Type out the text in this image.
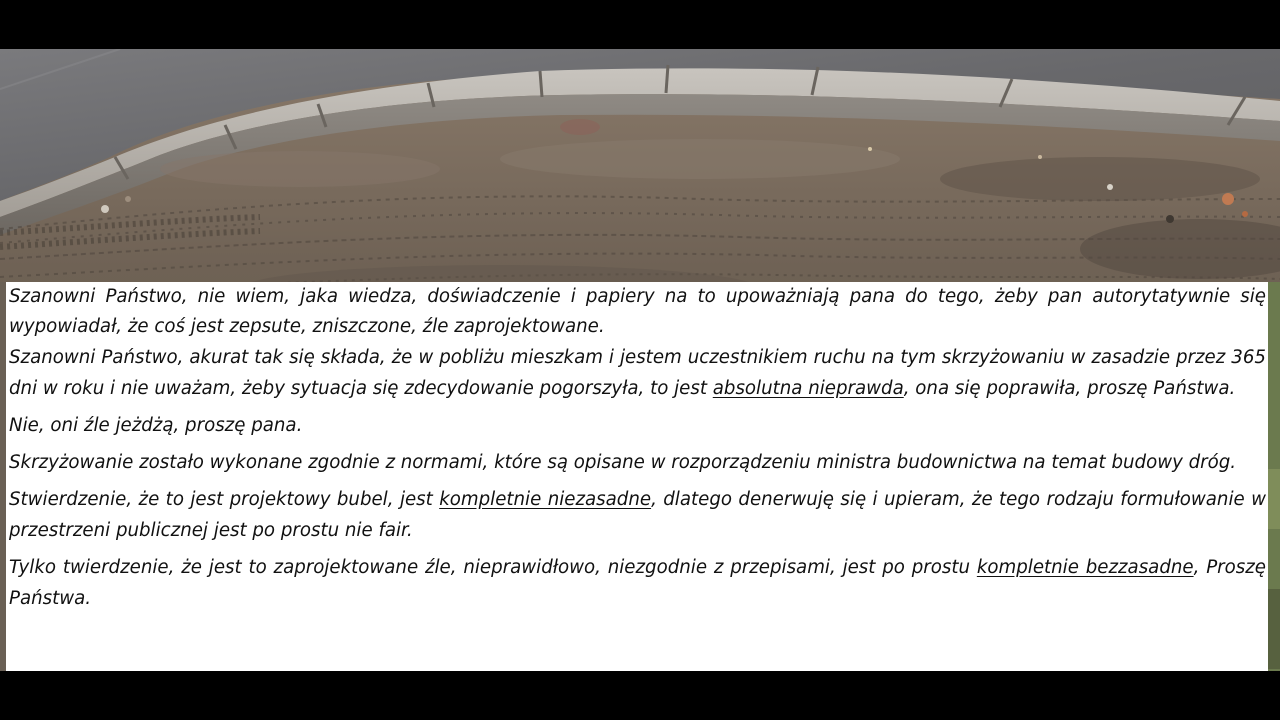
Szanowni Państwo, nie wiem, jaka wiedza, doświadczenie i papiery na to upoważniają pana do tego, żeby pan autorytatywnie się wypowiadał, że coś jest zepsute, zniszczone, źle zaprojektowane.

Szanowni Państwo, akurat tak się składa, że w pobliżu mieszkam i jestem uczestnikiem ruchu na tym skrzyżowaniu w zasadzie przez 365 dni w roku i nie uważam, żeby sytuacja się zdecydowanie pogorszyła, to jest absolutna nieprawda, ona się poprawiła, proszę Państwa.

Nie, oni źle jeżdżą, proszę pana.

Skrzyżowanie zostało wykonane zgodnie z normami, które są opisane w rozporządzeniu ministra budownictwa na temat budowy dróg.

Stwierdzenie, że to jest projektowy bubel, jest kompletnie niezasadne, dlatego denerwuję się i upieram, że tego rodzaju formułowanie w przestrzeni publicznej jest po prostu nie fair.

Tylko twierdzenie, że jest to zaprojektowane źle, nieprawidłowo, niezgodnie z przepisami, jest po prostu kompletnie bezzasadne, Proszę Państwa.
